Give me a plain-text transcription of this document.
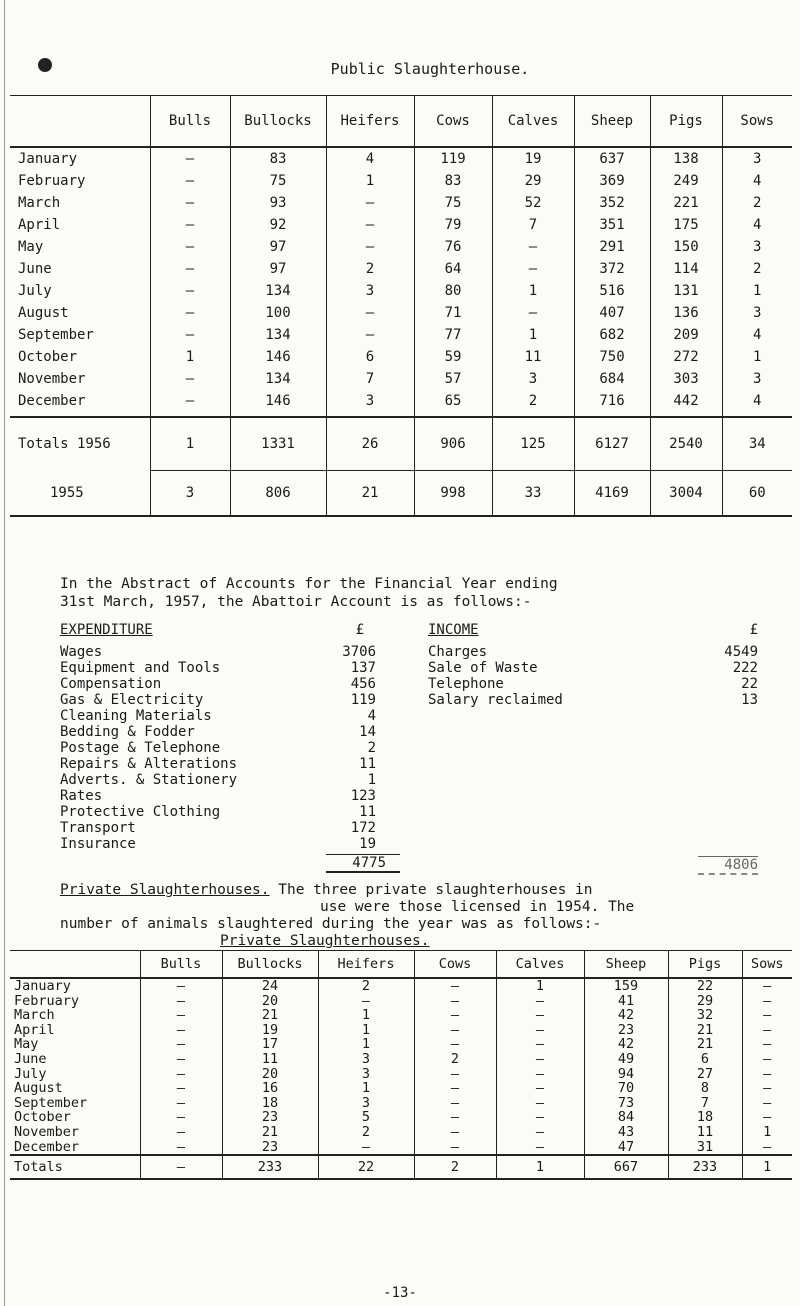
Public Slaughterhouse.
	Bulls	Bullocks	Heifers	Cows	Calves	Sheep	Pigs	Sows
January	—	83	4	119	19	637	138	3
February	—	75	1	83	29	369	249	4
March	—	93	—	75	52	352	221	2
April	—	92	—	79	7	351	175	4
May	—	97	—	76	—	291	150	3
June	—	97	2	64	—	372	114	2
July	—	134	3	80	1	516	131	1
August	—	100	—	71	—	407	136	3
September	—	134	—	77	1	682	209	4
October	1	146	6	59	11	750	272	1
November	—	134	7	57	3	684	303	3
December	—	146	3	65	2	716	442	4
Totals 1956	1	1331	26	906	125	6127	2540	34
1955	3	806	21	998	33	4169	3004	60
In the Abstract of Accounts for the Financial Year ending
31st March, 1957, the Abattoir Account is as follows:-
EXPENDITURE	£
Wages	3706
Equipment and Tools	137
Compensation	456
Gas & Electricity	119
Cleaning Materials	4
Bedding & Fodder	14
Postage & Telephone	2
Repairs & Alterations	11
Adverts. & Stationery	1
Rates	123
Protective Clothing	11
Transport	172
Insurance	19
4775
INCOME	£
Charges	4549
Sale of Waste	222
Telephone	22
Salary reclaimed	13
4806
Private Slaughterhouses. The three private slaughterhouses in
use were those licensed in 1954. The
number of animals slaughtered during the year was as follows:-
Private Slaughterhouses.
	Bulls	Bullocks	Heifers	Cows	Calves	Sheep	Pigs	Sows
January	—	24	2	—	1	159	22	—
February	—	20	—	—	—	41	29	—
March	—	21	1	—	—	42	32	—
April	—	19	1	—	—	23	21	—
May	—	17	1	—	—	42	21	—
June	—	11	3	2	—	49	6	—
July	—	20	3	—	—	94	27	—
August	—	16	1	—	—	70	8	—
September	—	18	3	—	—	73	7	—
October	—	23	5	—	—	84	18	—
November	—	21	2	—	—	43	11	1
December	—	23	—	—	—	47	31	—
Totals	—	233	22	2	1	667	233	1
-13-
